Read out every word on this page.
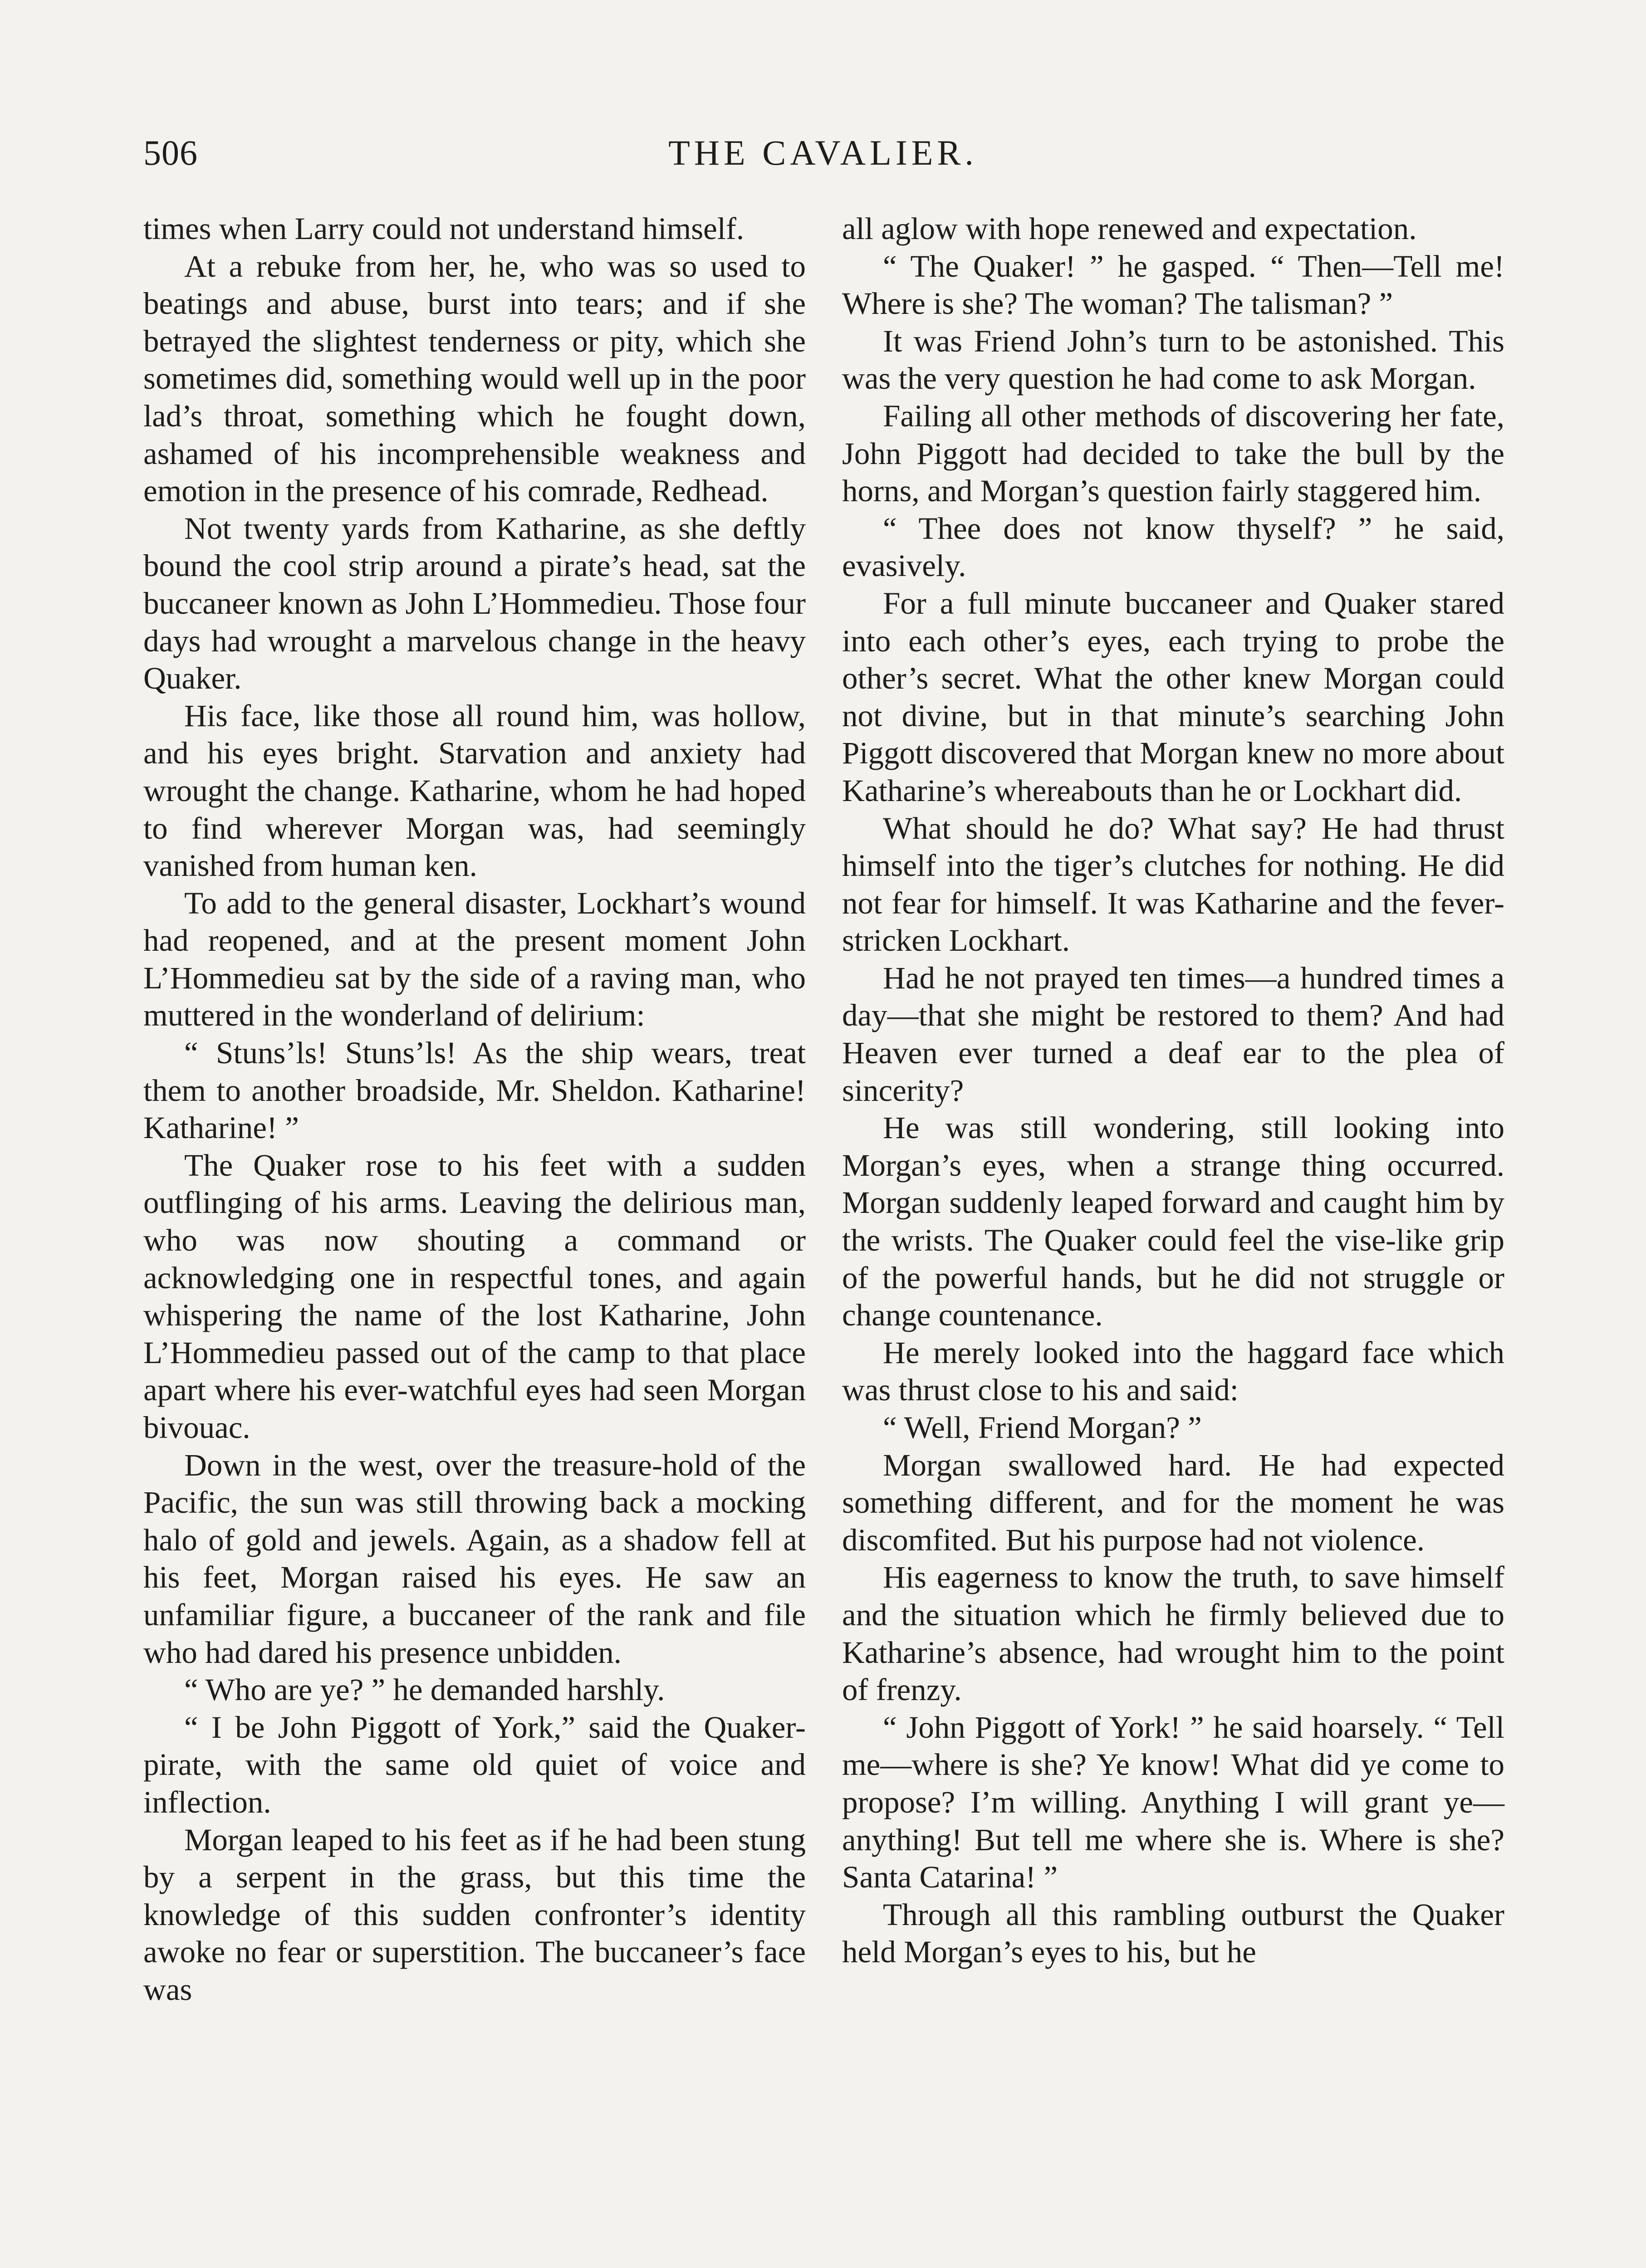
506	THE CAVALIER.

times when Larry could not understand himself.

At a rebuke from her, he, who was so used to beatings and abuse, burst into tears; and if she betrayed the slightest tenderness or pity, which she sometimes did, something would well up in the poor lad’s throat, something which he fought down, ashamed of his incomprehensible weakness and emotion in the presence of his comrade, Redhead.

Not twenty yards from Katharine, as she deftly bound the cool strip around a pirate’s head, sat the buccaneer known as John L’Hommedieu. Those four days had wrought a marvelous change in the heavy Quaker.

His face, like those all round him, was hollow, and his eyes bright. Starvation and anxiety had wrought the change. Katharine, whom he had hoped to find wherever Morgan was, had seemingly vanished from human ken.

To add to the general disaster, Lockhart’s wound had reopened, and at the present moment John L’Hommedieu sat by the side of a raving man, who muttered in the wonderland of delirium:

“ Stuns’ls! Stuns’ls! As the ship wears, treat them to another broadside, Mr. Sheldon. Katharine! Katharine! ”

The Quaker rose to his feet with a sudden outflinging of his arms. Leaving the delirious man, who was now shouting a command or acknowledging one in respectful tones, and again whispering the name of the lost Katharine, John L’Hommedieu passed out of the camp to that place apart where his ever-watchful eyes had seen Morgan bivouac.

Down in the west, over the treasure-hold of the Pacific, the sun was still throwing back a mocking halo of gold and jewels. Again, as a shadow fell at his feet, Morgan raised his eyes. He saw an unfamiliar figure, a buccaneer of the rank and file who had dared his presence unbidden.

“ Who are ye? ” he demanded harshly.

“ I be John Piggott of York,” said the Quaker-pirate, with the same old quiet of voice and inflection.

Morgan leaped to his feet as if he had been stung by a serpent in the grass, but this time the knowledge of this sudden confronter’s identity awoke no fear or superstition. The buccaneer’s face was

all aglow with hope renewed and expectation.

“ The Quaker! ” he gasped. “ Then—Tell me! Where is she? The woman? The talisman? ”

It was Friend John’s turn to be astonished. This was the very question he had come to ask Morgan.

Failing all other methods of discovering her fate, John Piggott had decided to take the bull by the horns, and Morgan’s question fairly staggered him.

“ Thee does not know thyself? ” he said, evasively.

For a full minute buccaneer and Quaker stared into each other’s eyes, each trying to probe the other’s secret. What the other knew Morgan could not divine, but in that minute’s searching John Piggott discovered that Morgan knew no more about Katharine’s whereabouts than he or Lockhart did.

What should he do? What say? He had thrust himself into the tiger’s clutches for nothing. He did not fear for himself. It was Katharine and the fever-stricken Lockhart.

Had he not prayed ten times—a hundred times a day—that she might be restored to them? And had Heaven ever turned a deaf ear to the plea of sincerity?

He was still wondering, still looking into Morgan’s eyes, when a strange thing occurred. Morgan suddenly leaped forward and caught him by the wrists. The Quaker could feel the vise-like grip of the powerful hands, but he did not struggle or change countenance.

He merely looked into the haggard face which was thrust close to his and said:

“ Well, Friend Morgan? ”

Morgan swallowed hard. He had expected something different, and for the moment he was discomfited. But his purpose had not violence.

His eagerness to know the truth, to save himself and the situation which he firmly believed due to Katharine’s absence, had wrought him to the point of frenzy.

“ John Piggott of York! ” he said hoarsely. “ Tell me—where is she? Ye know! What did ye come to propose? I’m willing. Anything I will grant ye—anything! But tell me where she is. Where is she? Santa Catarina! ”

Through all this rambling outburst the Quaker held Morgan’s eyes to his, but he
